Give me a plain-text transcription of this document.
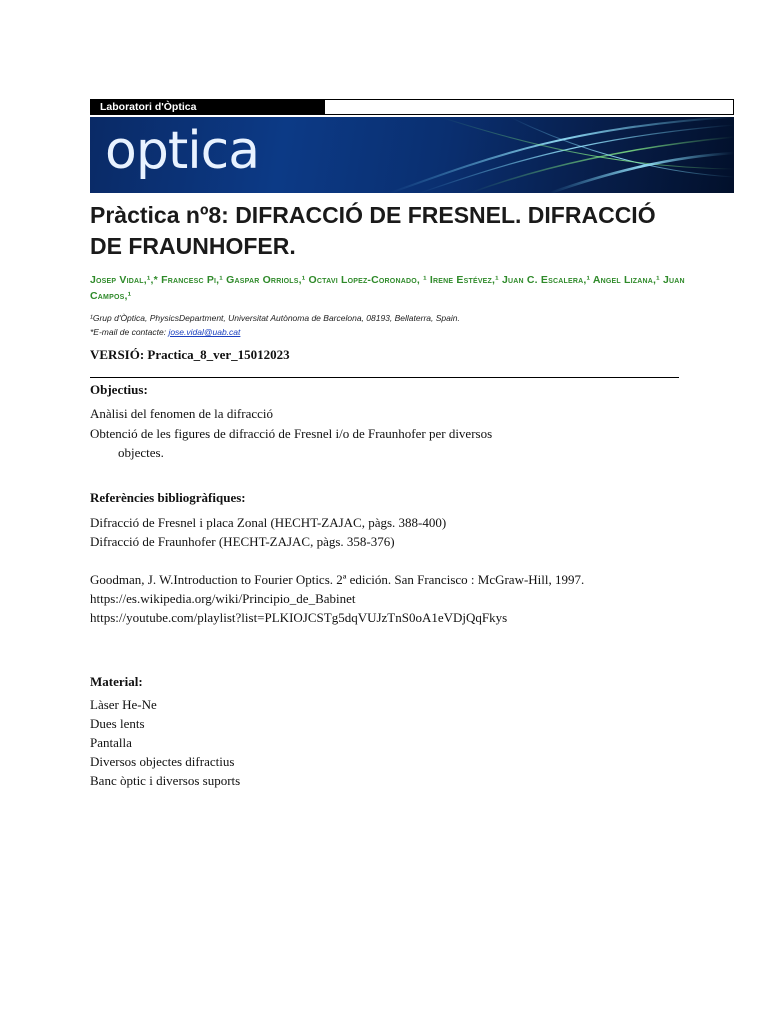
Laboratori d'Òptica
optica
Pràctica nº8: DIFRACCIÓ DE FRESNEL. DIFRACCIÓ DE FRAUNHOFER.

Josep Vidal,¹,* Francesc Pi,¹ Gaspar Orriols,¹ Octavi Lopez-Coronado, ¹ Irene Estévez,¹ Juan C. Escalera,¹ Angel Lizana,¹ Juan Campos,¹

¹Grup d'Òptica, PhysicsDepartment, Universitat Autònoma de Barcelona, 08193, Bellaterra, Spain.
*E-mail de contacte: jose.vidal@uab.cat
VERSIÓ: Practica_8_ver_15012023
Objectius:
Anàlisi del fenomen de la difracció
Obtenció de les figures de difracció de Fresnel i/o de Fraunhofer per diversos
objectes.
Referències bibliogràfiques:
Difracció de Fresnel i placa Zonal (HECHT-ZAJAC, pàgs. 388-400)
Difracció de Fraunhofer (HECHT-ZAJAC, pàgs. 358-376)
Goodman, J. W.Introduction to Fourier Optics. 2ª edición. San Francisco : McGraw-Hill, 1997.
https://es.wikipedia.org/wiki/Principio_de_Babinet
https://youtube.com/playlist?list=PLKIOJCSTg5dqVUJzTnS0oA1eVDjQqFkys
Material:
Làser He-Ne
Dues lents
Pantalla
Diversos objectes difractius
Banc òptic i diversos suports
